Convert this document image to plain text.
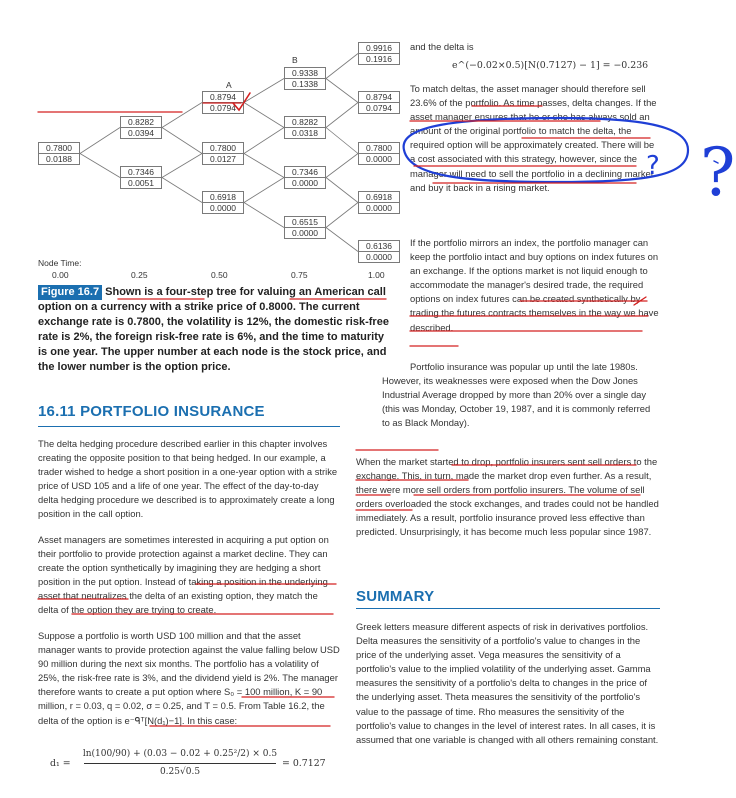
B
A
0.7800
0.0188
0.8282
0.0394
0.7346
0.0051
0.8794
0.0794
0.7800
0.0127
0.6918
0.0000
0.9338
0.1338
0.8282
0.0318
0.7346
0.0000
0.6515
0.0000
0.9916
0.1916
0.8794
0.0794
0.7800
0.0000
0.6918
0.0000
0.6136
0.0000
Node Time:
0.00	0.25	0.50	0.75	1.00
Figure 16.7 Shown is a four-step tree for valuing an American call option on a currency with a strike price of 0.8000. The current exchange rate is 0.7800, the volatility is 12%, the domestic risk-free rate is 2%, the foreign risk-free rate is 6%, and the time to maturity is one year. The upper number at each node is the stock price, and the lower number is the option price.
16.11 PORTFOLIO INSURANCE
The delta hedging procedure described earlier in this chapter involves creating the opposite position to that being hedged. In our example, a trader wished to hedge a short position in a one-year option with a strike price of USD 105 and a life of one year. The effect of the day-to-day delta hedging procedure we described is to approximately create a long position in the call option.
Asset managers are sometimes interested in acquiring a put option on their portfolio to provide protection against a market decline. They can create the option synthetically by imagining they are hedging a short position in the put option. Instead of taking a position in the underlying asset that neutralizes the delta of an existing option, they match the delta of the option they are trying to create.
Suppose a portfolio is worth USD 100 million and that the asset manager wants to provide protection against the value falling below USD 90 million during the next six months. The portfolio has a volatility of 25%, the risk-free rate is 3%, and the dividend yield is 2%. The manager therefore wants to create a put option where S₀ = 100 million, K = 90 million, r = 0.03, q = 0.02, σ = 0.25, and T = 0.5. From Table 16.2, the delta of the option is e⁻ᑫᵀ[N(d₁)−1]. In this case:
d₁ =
ln(100/90) + (0.03 − 0.02 + 0.25²/2) × 0.5
0.25√0.5
= 0.7127
and the delta is
e^(−0.02×0.5)[N(0.7127) − 1] = −0.236
To match deltas, the asset manager should therefore sell 23.6% of the portfolio. As time passes, delta changes. If the asset manager ensures that he or she has always sold an amount of the original portfolio to match the delta, the required option will be approximately created. There will be a cost associated with this strategy, however, since the manager will need to sell the portfolio in a declining market and buy it back in a rising market.
If the portfolio mirrors an index, the portfolio manager can keep the portfolio intact and buy options on index futures on an exchange. If the options market is not liquid enough to accommodate the manager's desired trade, the required options on index futures can be created synthetically by trading the futures contracts themselves in the way we have described.
Portfolio insurance was popular up until the late 1980s. However, its weaknesses were exposed when the Dow Jones Industrial Average dropped by more than 20% over a single day (this was Monday, October 19, 1987, and it is commonly referred to as Black Monday).
When the market started to drop, portfolio insurers sent sell orders to the exchange. This, in turn, made the market drop even further. As a result, there were more sell orders from portfolio insurers. The volume of sell orders overloaded the stock exchanges, and trades could not be handled immediately. As a result, portfolio insurance proved less effective than predicted. Unsurprisingly, it has become much less popular since 1987.
SUMMARY
Greek letters measure different aspects of risk in derivatives portfolios. Delta measures the sensitivity of a portfolio's value to changes in the price of the underlying asset. Vega measures the sensitivity of a portfolio's value to the implied volatility of the underlying asset. Gamma measures the sensitivity of a portfolio's delta to changes in the price of the underlying asset. Theta measures the sensitivity of the portfolio's value to the passage of time. Rho measures the sensitivity of the portfolio's value to changes in the level of interest rates. In all cases, it is assumed that one variable is changed with all others remaining constant.
?
?
